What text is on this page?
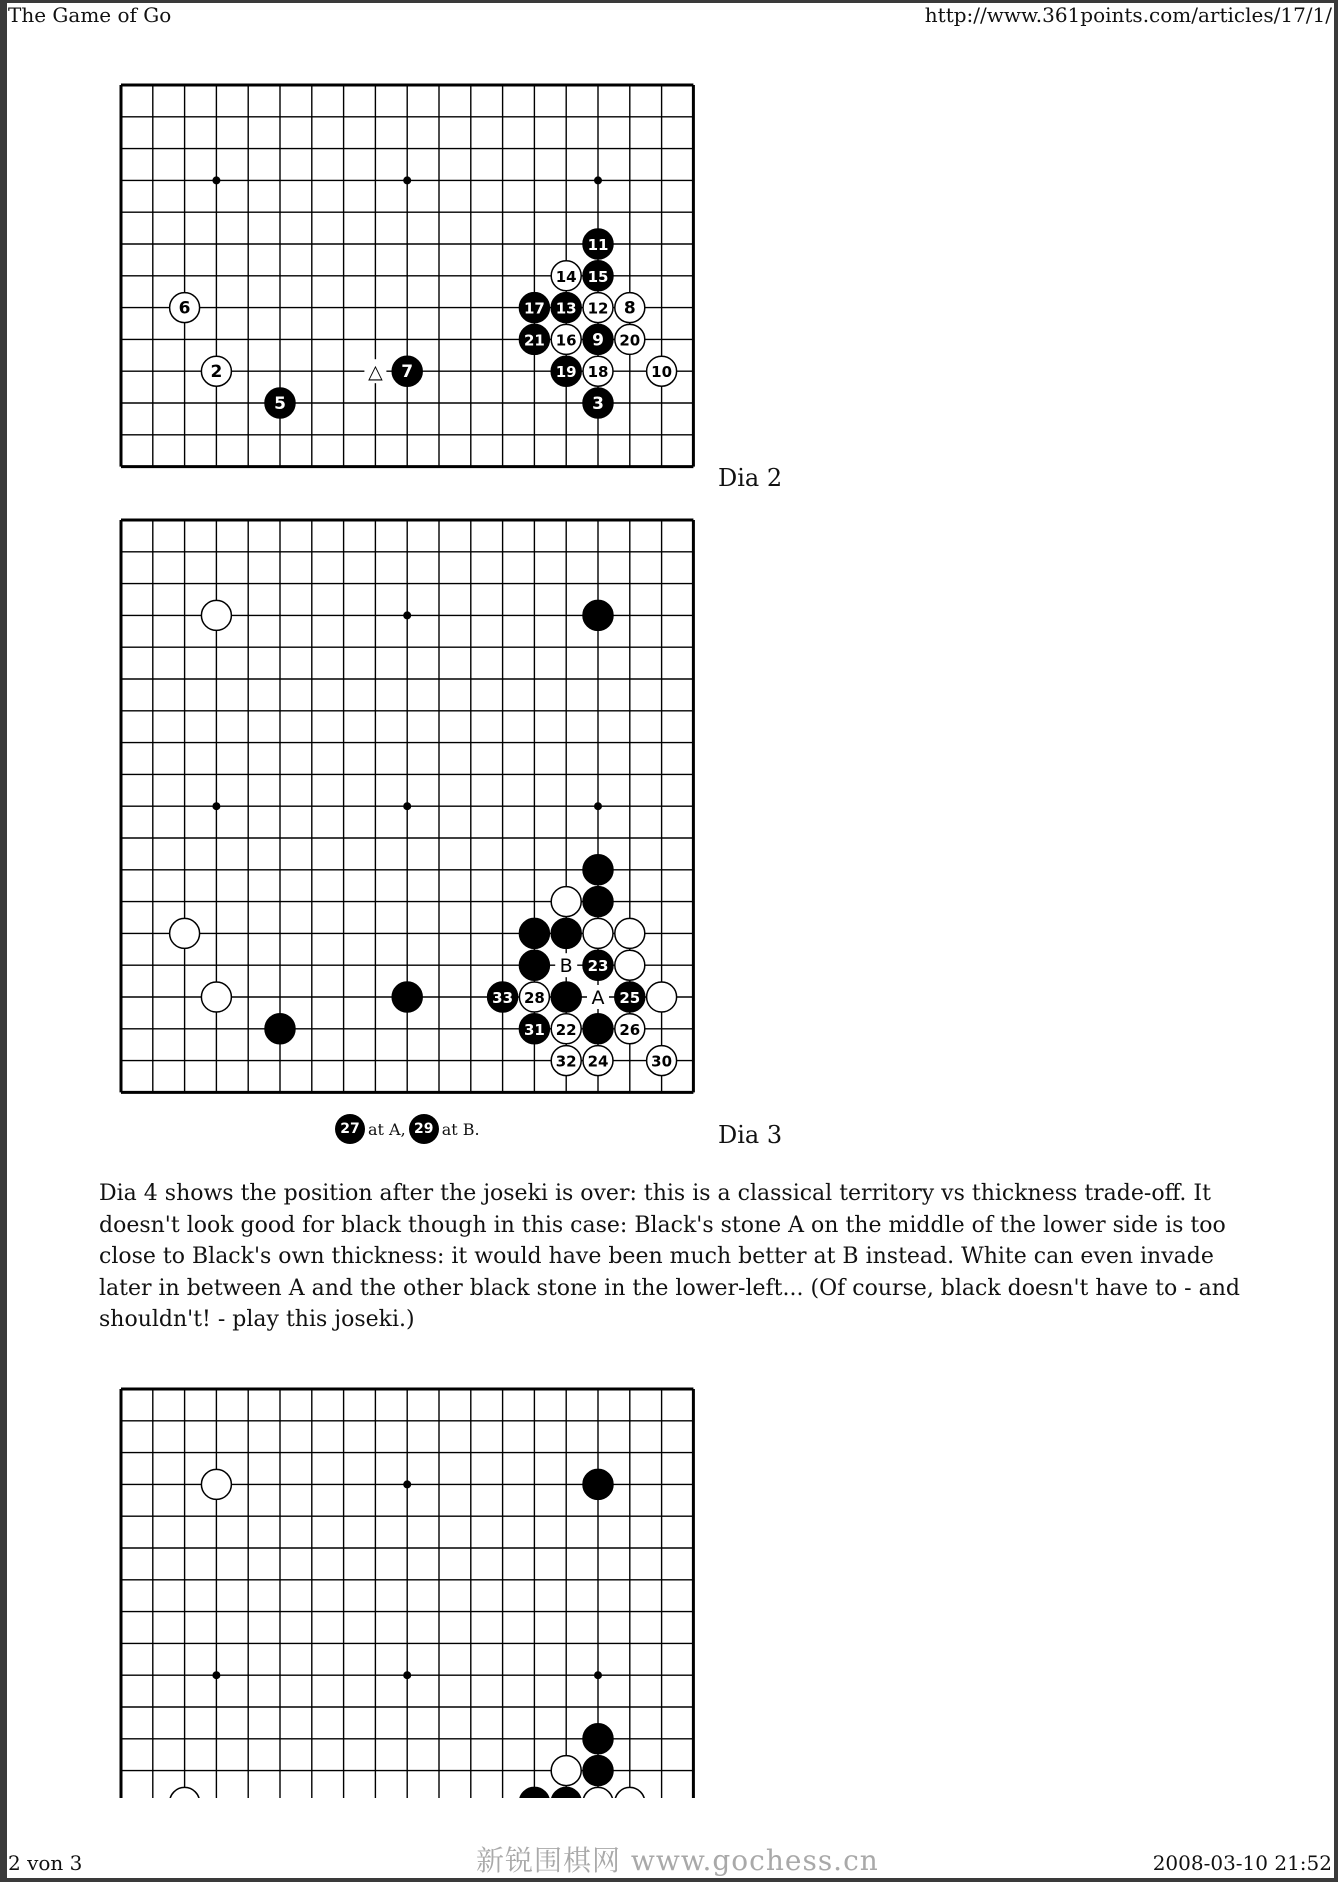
The Game of Go	http://www.361points.com/articles/17/1/
11
14 15
17 13 12 8
6
21 16 9 20
2	7	19 18	10
5	3
△
Dia 2
23
33 28	25
31 22	26
32 24	30
B
A
Dia 3
27 at A, 29 at B.
Dia 4 shows the position after the joseki is over: this is a classical territory vs thickness trade-off. It doesn't look good for black though in this case: Black's stone A on the middle of the lower side is too close to Black's own thickness: it would have been much better at B instead. White can even invade later in between A and the other black stone in the lower-left... (Of course, black doesn't have to - and shouldn't! - play this joseki.)
2 von 3	新锐围棋网 www.gochess.cn	2008-03-10 21:52
